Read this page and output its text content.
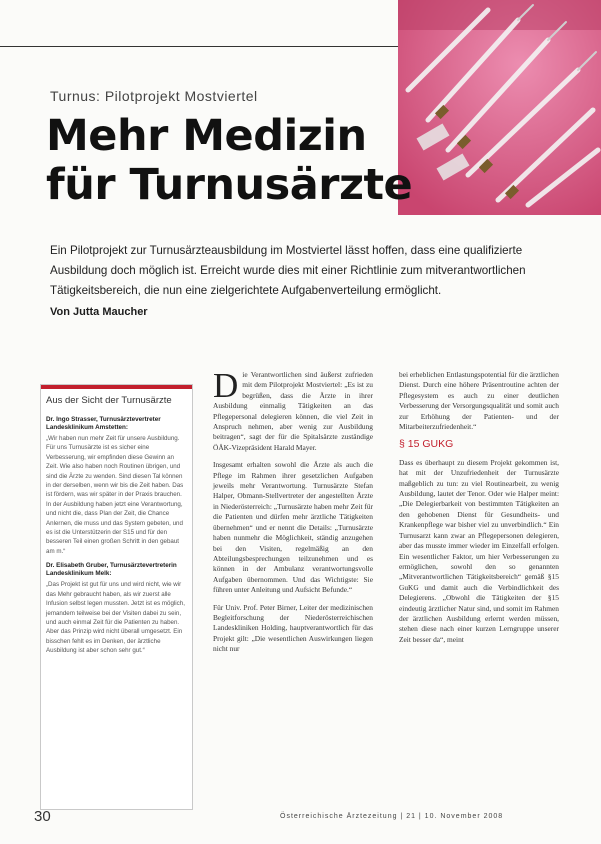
Turnus: Pilotprojekt Mostviertel
Mehr Medizin
für Turnusärzte
Ein Pilotprojekt zur Turnusärzteausbildung im Mostviertel lässt hoffen, dass eine qualifizierte Ausbildung doch möglich ist. Erreicht wurde dies mit einer Richtlinie zum mitverantwortlichen Tätigkeitsbereich, die nun eine zielgerichtete Aufgabenverteilung ermöglicht.
Von Jutta Maucher
Aus der Sicht der Turnusärzte
Dr. Ingo Strasser, Turnusärztevertreter Landesklinikum Amstetten:
„Wir haben nun mehr Zeit für unsere Ausbildung. Für uns Turnusärzte ist es sicher eine Verbesserung, wir empfinden diese Gewinn an Zeit. Wie also haben noch Routinen übrigen, und sind die Ärzte zu wenden. Sind diesen Tal können in der derselben, wenn wir bis die Zeit haben. Das ist fördern, was wir später in der Praxis brauchen. In der Ausbildung haben jetzt eine Verantwortung, und nicht die, dass Plan der Zeit, die Chance Anlernen, die muss und das System gebeten, und es ist die Unterstützerin der S15 und für den besseren Teil einen großen Schritt in den gebaut am m.“
Dr. Elisabeth Gruber, Turnusärztevertreterin Landesklinikum Melk:
„Das Projekt ist gut für uns und wird nicht, wie wir das Mehr gebraucht haben, als wir zuerst alle Infusion selbst legen mussten. Jetzt ist es möglich, jemandem teilweise bei der Visiten dabei zu sein, und auch einmal Zeit für die Patienten zu haben. Aber das Prinzip wird nicht überall umgesetzt. Ein bisschen fehlt es im Denken, der ärztliche Ausbildung ist aber schon sehr gut.“

Die Verantwortlichen sind äußerst zufrieden mit dem Pilotprojekt Mostviertel: „Es ist zu begrüßen, dass die Ärzte in ihrer Ausbildung einmalig Tätigkeiten an das Pflegepersonal delegieren können, die viel Zeit in Anspruch nehmen, aber wenig zur Ausbildung beitragen“, sagt der für die Spitalsärzte zuständige ÖÄK-Vizepräsident Harald Mayer.

Insgesamt erhalten sowohl die Ärzte als auch die Pflege im Rahmen ihrer gesetzlichen Aufgaben jeweils mehr Verantwortung. Turnusärzte Stefan Halper, Obmann-Stellvertreter der angestellten Ärzte in Niederösterreich: „Turnusärzte haben mehr Zeit für die Patienten und dürfen mehr ärztliche Tätigkeiten übernehmen“ und er nennt die Details: „Turnusärzte haben nunmehr die Möglichkeit, ständig anzugehen bei den Visiten, regelmäßig an den Abteilungsbesprechungen teilzunehmen und es können in der Ambulanz verantwortungsvolle Aufgaben übernommen. Und das Wichtigste: Sie führen unter Anleitung und Aufsicht Befunde.“

Für Univ. Prof. Peter Birner, Leiter der medizinischen Begleitforschung der Niederösterreichischen Landeskliniken Holding, hauptverantwortlich für das Projekt gilt: „Die wesentlichen Auswirkungen liegen nicht nur

bei erheblichen Entlastungspotential für die ärztlichen Dienst. Durch eine höhere Präsentroutine achten der Pflegesystem es auch zu einer deutlichen Verbesserung der Versorgungsqualität und somit auch zur Erhöhung der Patienten- und der Mitarbeiterzufriedenheit.“

§ 15 GUKG

Dass es überhaupt zu diesem Projekt gekommen ist, hat mit der Unzufriedenheit der Turnusärzte maßgeblich zu tun: zu viel Routinearbeit, zu wenig Ausbildung, lautet der Tenor. Oder wie Halper meint: „Die Delegierbarkeit von bestimmten Tätigkeiten an den gehobenen Dienst für Gesundheits- und Krankenpflege war bisher viel zu unverbindlich.“ Ein Turnusarzt kann zwar an Pflegepersonen delegieren, aber das musste immer wieder im Einzelfall erfolgen. Ein wesentlicher Faktor, um hier Verbesserungen zu ermöglichen, sowohl den so genannten „Mitverantwortlichen Tätigkeitsbereich“ gemäß §15 GuKG und damit auch die Verbindlichkeit des Delegierens. „Obwohl die Tätigkeiten der §15 eindeutig ärztlicher Natur sind, und somit im Rahmen der ärztlichen Ausbildung erlernt werden müssen, stehen diese nach einer kurzen Lerngruppe unserer Zeit besser da“, meint

30	Österreichische Ärztezeitung | 21 | 10. November 2008
